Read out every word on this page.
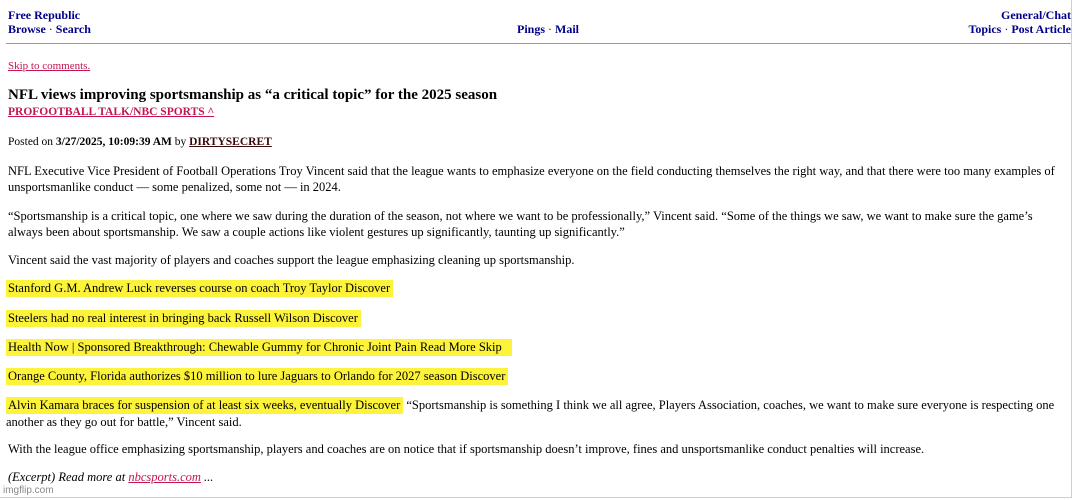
Free Republic
Browse · Search	Pings · Mail
General/Chat
Topics · Post Article
Skip to comments.
NFL views improving sportsmanship as “a critical topic” for the 2025 season
PROFOOTBALL TALK/NBC SPORTS ^
Posted on 3/27/2025, 10:09:39 AM by DIRTYSECRET
NFL Executive Vice President of Football Operations Troy Vincent said that the league wants to emphasize everyone on the field conducting themselves the right way, and that there were too many examples of unsportsmanlike conduct — some penalized, some not — in 2024.
“Sportsmanship is a critical topic, one where we saw during the duration of the season, not where we want to be professionally,” Vincent said. “Some of the things we saw, we want to make sure the game’s always been about sportsmanship. We saw a couple actions like violent gestures up significantly, taunting up significantly.”
Vincent said the vast majority of players and coaches support the league emphasizing cleaning up sportsmanship.
Stanford G.M. Andrew Luck reverses course on coach Troy Taylor Discover
Steelers had no real interest in bringing back Russell Wilson Discover
Health Now | Sponsored Breakthrough: Chewable Gummy for Chronic Joint Pain Read More Skip
Orange County, Florida authorizes $10 million to lure Jaguars to Orlando for 2027 season Discover
Alvin Kamara braces for suspension of at least six weeks, eventually Discover “Sportsmanship is something I think we all agree, Players Association, coaches, we want to make sure everyone is respecting one another as they go out for battle,” Vincent said.
With the league office emphasizing sportsmanship, players and coaches are on notice that if sportsmanship doesn’t improve, fines and unsportsmanlike conduct penalties will increase.
(Excerpt) Read more at nbcsports.com ...
imgflip.com
